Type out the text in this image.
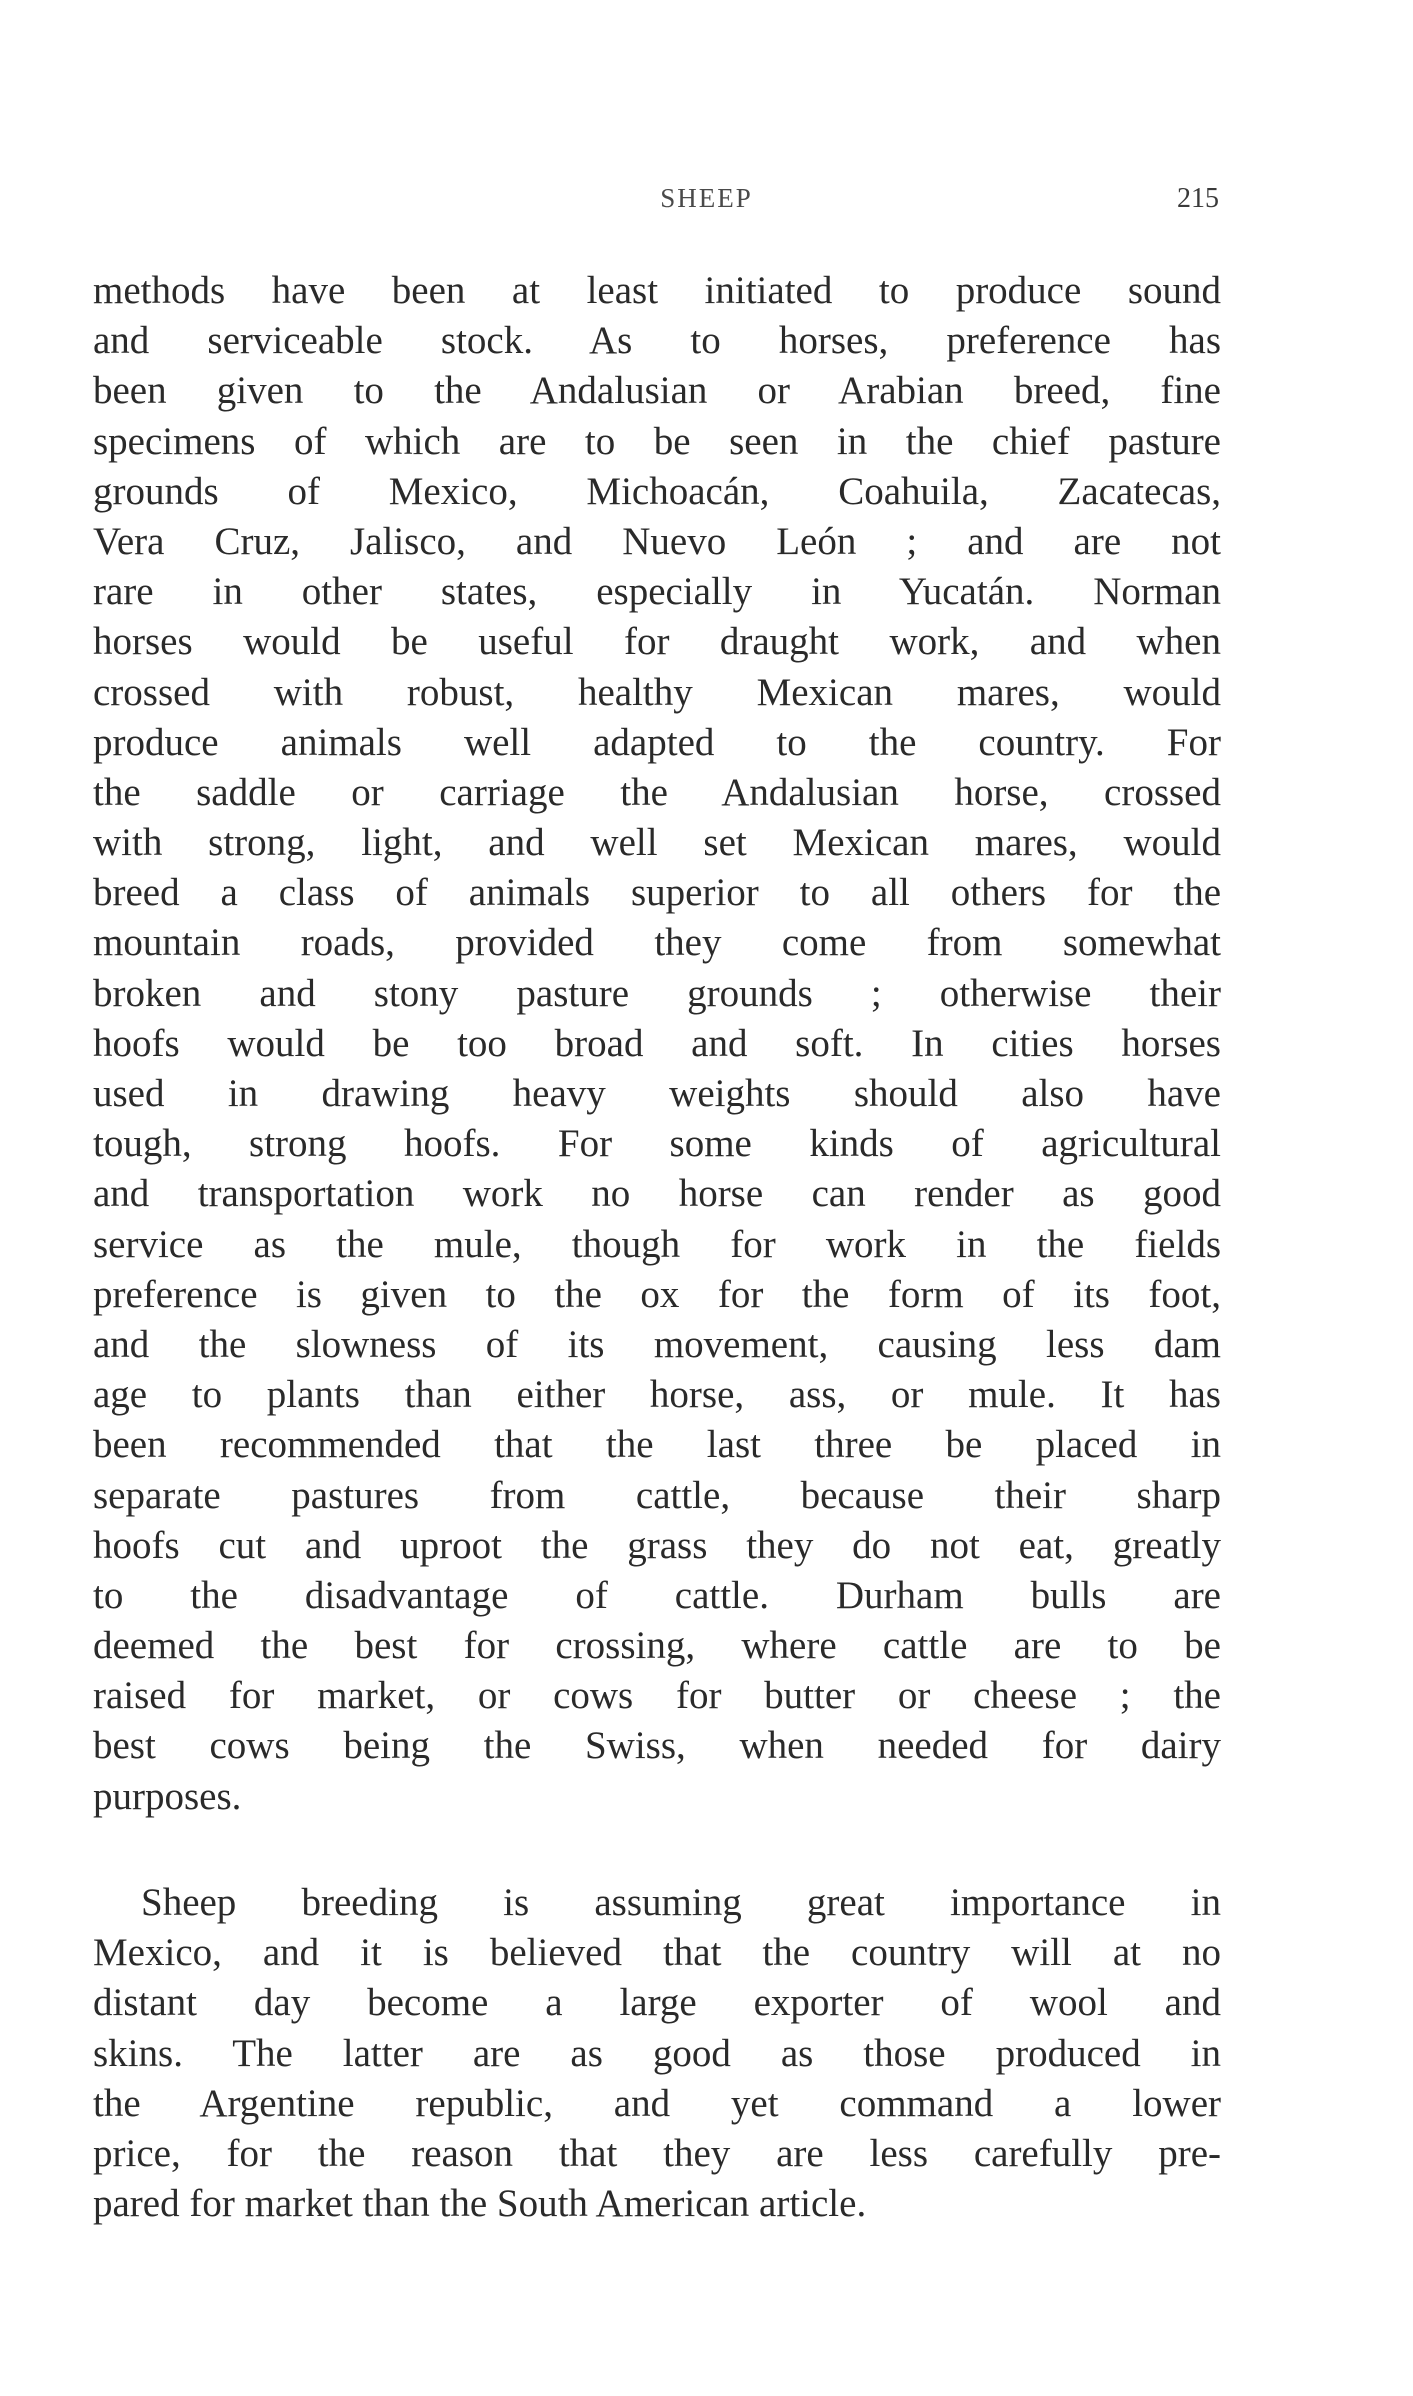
SHEEP	215
methods have been at least initiated to produce sound
and serviceable stock. As to horses, preference has
been given to the Andalusian or Arabian breed, fine
specimens of which are to be seen in the chief pasture
grounds of Mexico, Michoacán, Coahuila, Zacatecas,
Vera Cruz, Jalisco, and Nuevo León ; and are not
rare in other states, especially in Yucatán. Norman
horses would be useful for draught work, and when
crossed with robust, healthy Mexican mares, would
produce animals well adapted to the country. For
the saddle or carriage the Andalusian horse, crossed
with strong, light, and well set Mexican mares, would
breed a class of animals superior to all others for the
mountain roads, provided they come from somewhat
broken and stony pasture grounds ; otherwise their
hoofs would be too broad and soft. In cities horses
used in drawing heavy weights should also have
tough, strong hoofs. For some kinds of agricultural
and transportation work no horse can render as good
service as the mule, though for work in the fields
preference is given to the ox for the form of its foot,
and the slowness of its movement, causing less dam
age to plants than either horse, ass, or mule. It has
been recommended that the last three be placed in
separate pastures from cattle, because their sharp
hoofs cut and uproot the grass they do not eat, greatly
to the disadvantage of cattle. Durham bulls are
deemed the best for crossing, where cattle are to be
raised for market, or cows for butter or cheese ; the
best cows being the Swiss, when needed for dairy
purposes.
Sheep breeding is assuming great importance in
Mexico, and it is believed that the country will at no
distant day become a large exporter of wool and
skins. The latter are as good as those produced in
the Argentine republic, and yet command a lower
price, for the reason that they are less carefully pre-
pared for market than the South American article.
